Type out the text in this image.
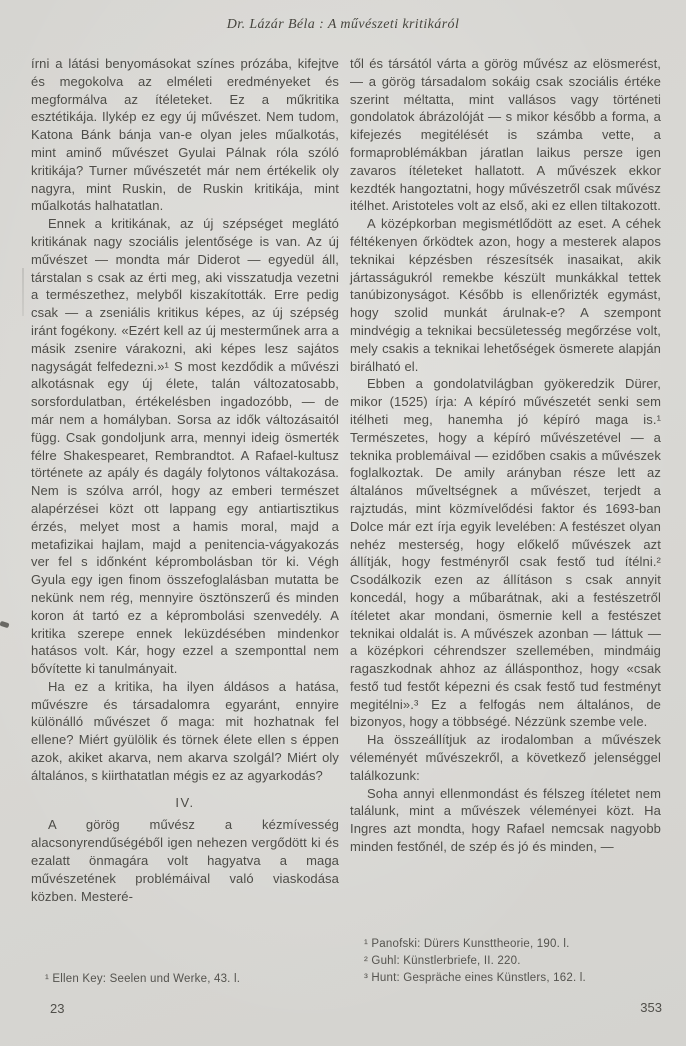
Dr. Lázár Béla : A művészeti kritikáról

írni a látási benyomásokat színes prózába, kifejtve és megokolva az elméleti eredményeket és megformálva az ítéleteket. Ez a műkritika esztétikája. Ilykép ez egy új művészet. Nem tudom, Katona Bánk bánja van-e olyan jeles műalkotás, mint aminő művészet Gyulai Pálnak róla szóló kritikája? Turner művészetét már nem értékelik oly nagyra, mint Ruskin, de Ruskin kritikája, mint műalkotás halhatatlan.

Ennek a kritikának, az új szépséget meglátó kritikának nagy szociális jelentősége is van. Az új művészet — mondta már Diderot — egyedül áll, társtalan s csak az érti meg, aki visszatudja vezetni a természethez, melyből kiszakították. Erre pedig csak — a zseniális kritikus képes, az új szépség iránt fogékony. «Ezért kell az új mesterműnek arra a másik zsenire várakozni, aki képes lesz sajátos nagyságát felfedezni.»¹ S most kezdődik a művészi alkotásnak egy új élete, talán változatosabb, sorsfordulatban, értékelésben ingadozóbb, — de már nem a homályban. Sorsa az idők változásaitól függ. Csak gondoljunk arra, mennyi ideig ösmerték félre Shakespearet, Rembrandtot. A Rafael-kultusz története az apály és dagály folytonos váltakozása. Nem is szólva arról, hogy az emberi természet alapérzései közt ott lappang egy antiartisztikus érzés, melyet most a hamis moral, majd a metafizikai hajlam, majd a penitencia-vágyakozás ver fel s időnként képrombolásban tör ki. Végh Gyula egy igen finom összefoglalásban mutatta be nekünk nem rég, mennyire ösztönszerű és minden koron át tartó ez a képrombolási szenvedély. A kritika szerepe ennek leküzdésében mindenkor hatásos volt. Kár, hogy ezzel a szemponttal nem bővítette ki tanulmányait.

Ha ez a kritika, ha ilyen áldásos a hatása, művészre és társadalomra egyaránt, ennyire különálló művészet ő maga: mit hozhatnak fel ellene? Miért gyülölik és törnek élete ellen s éppen azok, akiket akarva, nem akarva szolgál? Miért oly általános, s kiirthatatlan mégis ez az agyarkodás?

IV.

A görög művész a kézmívesség alacsonyrendűségéből igen nehezen vergődött ki és ezalatt önmagára volt hagyatva a maga művészetének problémáival való viaskodása közben. Mesteré-

től és társától várta a görög művész az elösmerést, — a görög társadalom sokáig csak szociális értéke szerint méltatta, mint vallásos vagy történeti gondolatok ábrázolóját — s mikor később a forma, a kifejezés megitélését is számba vette, a formaproblémákban járatlan laikus persze igen zavaros ítéleteket hallatott. A művészek ekkor kezdték hangoztatni, hogy művészetről csak művész itélhet. Aristoteles volt az első, aki ez ellen tiltakozott.

A középkorban megismétlődött az eset. A céhek féltékenyen őrködtek azon, hogy a mesterek alapos teknikai képzésben részesítsék inasaikat, akik jártasságukról remekbe készült munkákkal tettek tanúbizonyságot. Később is ellenőrizték egymást, hogy szolid munkát árulnak-e? A szempont mindvégig a teknikai becsületesség megőrzése volt, mely csakis a teknikai lehetőségek ösmerete alapján birálható el.

Ebben a gondolatvilágban gyökeredzik Dürer, mikor (1525) írja: A képíró művészetét senki sem itélheti meg, hanemha jó képíró maga is.¹ Természetes, hogy a képíró művészetével — a teknika problemáival — ezidőben csakis a művészek foglalkoztak. De amily arányban része lett az általános műveltségnek a művészet, terjedt a rajztudás, mint közmívelődési faktor és 1693-ban Dolce már ezt írja egyik levelében: A festészet olyan nehéz mesterség, hogy előkelő művészek azt állítják, hogy festményről csak festő tud ítélni.² Csodálkozik ezen az állításon s csak annyit koncedál, hogy a műbarátnak, aki a festészetről ítéletet akar mondani, ösmernie kell a festészet teknikai oldalát is. A művészek azonban — láttuk — a középkori céhrendszer szellemében, mindmáig ragaszkodnak ahhoz az állásponthoz, hogy «csak festő tud festőt képezni és csak festő tud festményt megitélni».³ Ez a felfogás nem általános, de bizonyos, hogy a többségé. Nézzünk szembe vele.

Ha összeállítjuk az irodalomban a művészek véleményét művészekről, a következő jelenséggel találkozunk:

Soha annyi ellenmondást és félszeg ítéletet nem találunk, mint a művészek véleményei közt. Ha Ingres azt mondta, hogy Rafael nemcsak nagyobb minden festőnél, de szép és jó és minden, —

¹ Ellen Key: Seelen und Werke, 43. l.
¹ Panofski: Dürers Kunsttheorie, 190. l.
² Guhl: Künstlerbriefe, II. 220.
³ Hunt: Gespräche eines Künstlers, 162. l.
23	353
